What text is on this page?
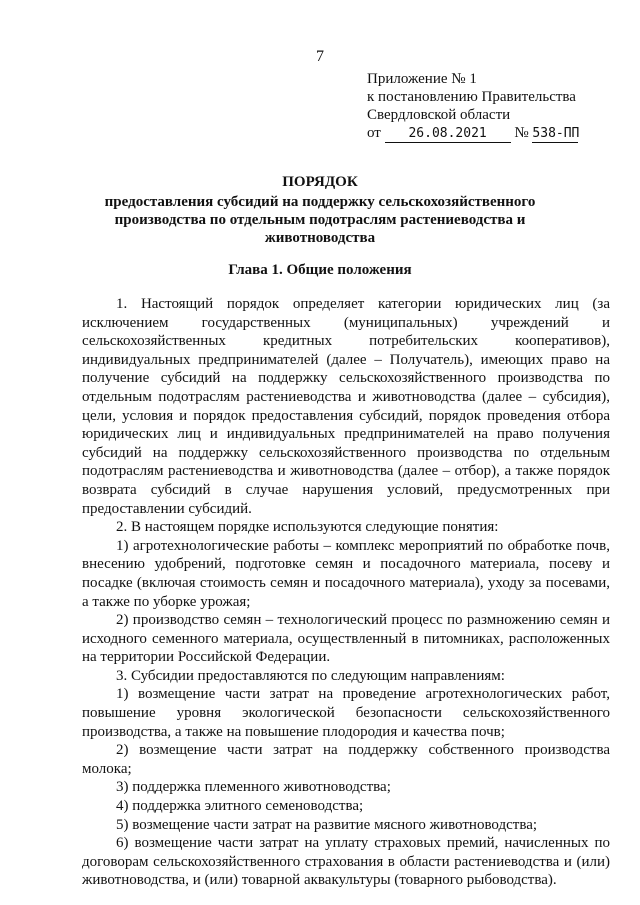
7
Приложение № 1
к постановлению Правительства
Свердловской области
от 26.08.2021 № 538-ПП
ПОРЯДОК
предоставления субсидий на поддержку сельскохозяйственного производства по отдельным подотраслям растениеводства и животноводства
Глава 1. Общие положения

1. Настоящий порядок определяет категории юридических лиц (за исключением государственных (муниципальных) учреждений и сельскохозяйственных кредитных потребительских кооперативов), индивидуальных предпринимателей (далее – Получатель), имеющих право на получение субсидий на поддержку сельскохозяйственного производства по отдельным подотраслям растениеводства и животноводства (далее – субсидия), цели, условия и порядок предоставления субсидий, порядок проведения отбора юридических лиц и индивидуальных предпринимателей на право получения субсидий на поддержку сельскохозяйственного производства по отдельным подотраслям растениеводства и животноводства (далее – отбор), а также порядок возврата субсидий в случае нарушения условий, предусмотренных при предоставлении субсидий.

2. В настоящем порядке используются следующие понятия:

1) агротехнологические работы – комплекс мероприятий по обработке почв, внесению удобрений, подготовке семян и посадочного материала, посеву и посадке (включая стоимость семян и посадочного материала), уходу за посевами, а также по уборке урожая;

2) производство семян – технологический процесс по размножению семян и исходного семенного материала, осуществленный в питомниках, расположенных на территории Российской Федерации.

3. Субсидии предоставляются по следующим направлениям:

1) возмещение части затрат на проведение агротехнологических работ, повышение уровня экологической безопасности сельскохозяйственного производства, а также на повышение плодородия и качества почв;

2) возмещение части затрат на поддержку собственного производства молока;

3) поддержка племенного животноводства;

4) поддержка элитного семеноводства;

5) возмещение части затрат на развитие мясного животноводства;

6) возмещение части затрат на уплату страховых премий, начисленных по договорам сельскохозяйственного страхования в области растениеводства и (или) животноводства, и (или) товарной аквакультуры (товарного рыбоводства).
